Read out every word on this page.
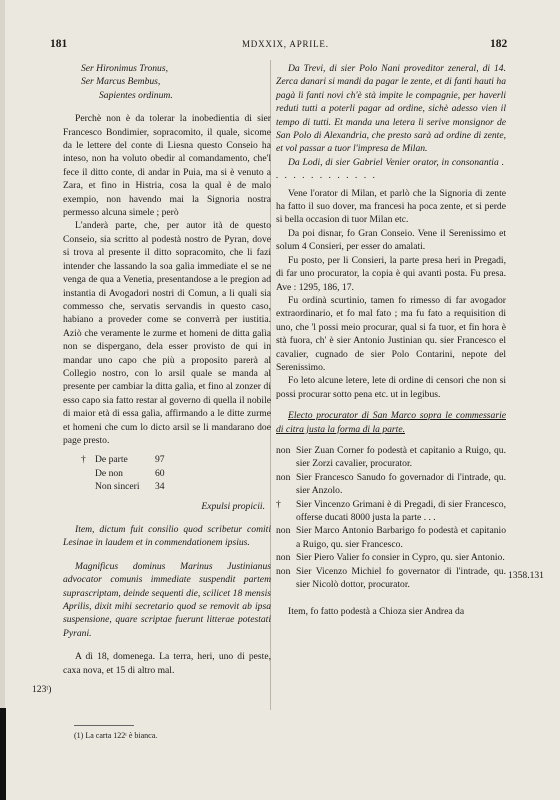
181	MDXXIX, APRILE.	182

Ser Hironimus Tronus,

Ser Marcus Bembus,

Sapientes ordinum.

Perchè non è da tolerar la inobedientia di sier Francesco Bondimier, sopracomito, il quale, sicome da le lettere del conte di Liesna questo Conseio ha inteso, non ha voluto obedir al comandamento, che'l fece il ditto conte, di andar in Puia, ma si è venuto a Zara, et fino in Histria, cosa la qual è de malo exempio, non havendo mai la Signoria nostra permesso alcuna simele ; però

L'anderà parte, che, per autor ità de questo Conseio, sia scritto al podestà nostro de Pyran, dove si trova al presente il ditto sopracomito, che li fazi intender che lassando la soa galìa immediate el se ne venga de qua a Venetia, presentandose a le pregion ad instantia di Avogadori nostri di Comun, a li quali sia commesso che, servatis servandis in questo caso, habiano a proveder come se converrà per iustitia. Aziò che veramente le zurme et homeni de ditta galìa non se dispergano, dela esser provisto de qui in mandar uno capo che più a proposito parerà al Collegio nostro, con lo arsil quale se manda al presente per cambiar la ditta galìa, et fino al zonzer di esso capo sia fatto restar al governo di quella il nobile di maior età di essa galìa, affirmando a le ditte zurme et homeni che cum lo dicto arsil se li mandarano doe page presto.

† De parte	97
De non	60
Non sinceri	34

Expulsi propicii.

Item, dictum fuit consilio quod scribetur comiti Lesinae in laudem et in commendationem ipsius.

Magnificus dominus Marinus Justinianus advocator comunis immediate suspendit partem suprascriptam, deinde sequenti die, scilicet 18 mensis Aprilis, dixit mihi secretario quod se removit ab ipsa suspensione, quare scriptae fuerunt litterae potestati Pyrani.

A dì 18, domenega. La terra, heri, uno di peste, caxa nova, et 15 di altro mal.

123ᵗ)

(1) La carta 122ᵗ è bianca.

Da Trevi, di sier Polo Nani proveditor zeneral, di 14. Zerca danari si mandi da pagar le zente, et di fanti hauti ha pagà li fanti novi ch'è stà impite le compagnie, per haverli reduti tutti a poterli pagar ad ordine, sichè adesso vien il tempo di tutti. Et manda una letera li serive monsignor de San Polo di Alexandria, che presto sarà ad ordine di zente, et vol passar a tuor l'impresa de Milan.

Da Lodi, di sier Gabriel Venier orator, in consonantia . . . . . . . . . . . . .

Vene l'orator di Milan, et parlò che la Signoria di zente ha fatto il suo dover, ma francesi ha poca zente, et si perde si bella occasion di tuor Milan etc.

Da poi disnar, fo Gran Conseio. Vene il Serenissimo et solum 4 Consieri, per esser do amalati.

Fu posto, per li Consieri, la parte presa heri in Pregadi, di far uno procurator, la copia è qui avanti posta. Fu presa. Ave : 1295, 186, 17.

Fu ordinà scurtinio, tamen fo rimesso di far avogador extraordinario, et fo mal fato ; ma fu fato a requisition di uno, che 'l possi meio procurar, qual si fa tuor, et fin hora è stà fuora, ch' è sier Antonio Justinian qu. sier Francesco el cavalier, cugnado de sier Polo Contarini, nepote del Serenissimo.

Fo leto alcune letere, lete di ordine di censori che non si possi procurar sotto pena etc. ut in legibus.

Electo procurator di San Marco sopra le commessarie di citra justa la forma di la parte.

non Sier Zuan Corner fo podestà et capitanio a Ruigo, qu. sier Zorzi cavalier, procurator.
non Sier Francesco Sanudo fo governador di l'intrade, qu. sier Anzolo.
†	Sier Vincenzo Grimani è di Pregadi, di sier Francesco, offerse ducati 8000 justa la parte . . .
non Sier Marco Antonio Barbarigo fo podestà et capitanio a Ruigo, qu. sier Francesco.
non Sier Piero Valier fo consier in Cypro, qu. sier Antonio.
non Sier Vicenzo Michiel fo governator di l'intrade, qu. sier Nicolò dottor, procurator.

Item, fo fatto podestà a Chioza sier Andrea da

1358.131
